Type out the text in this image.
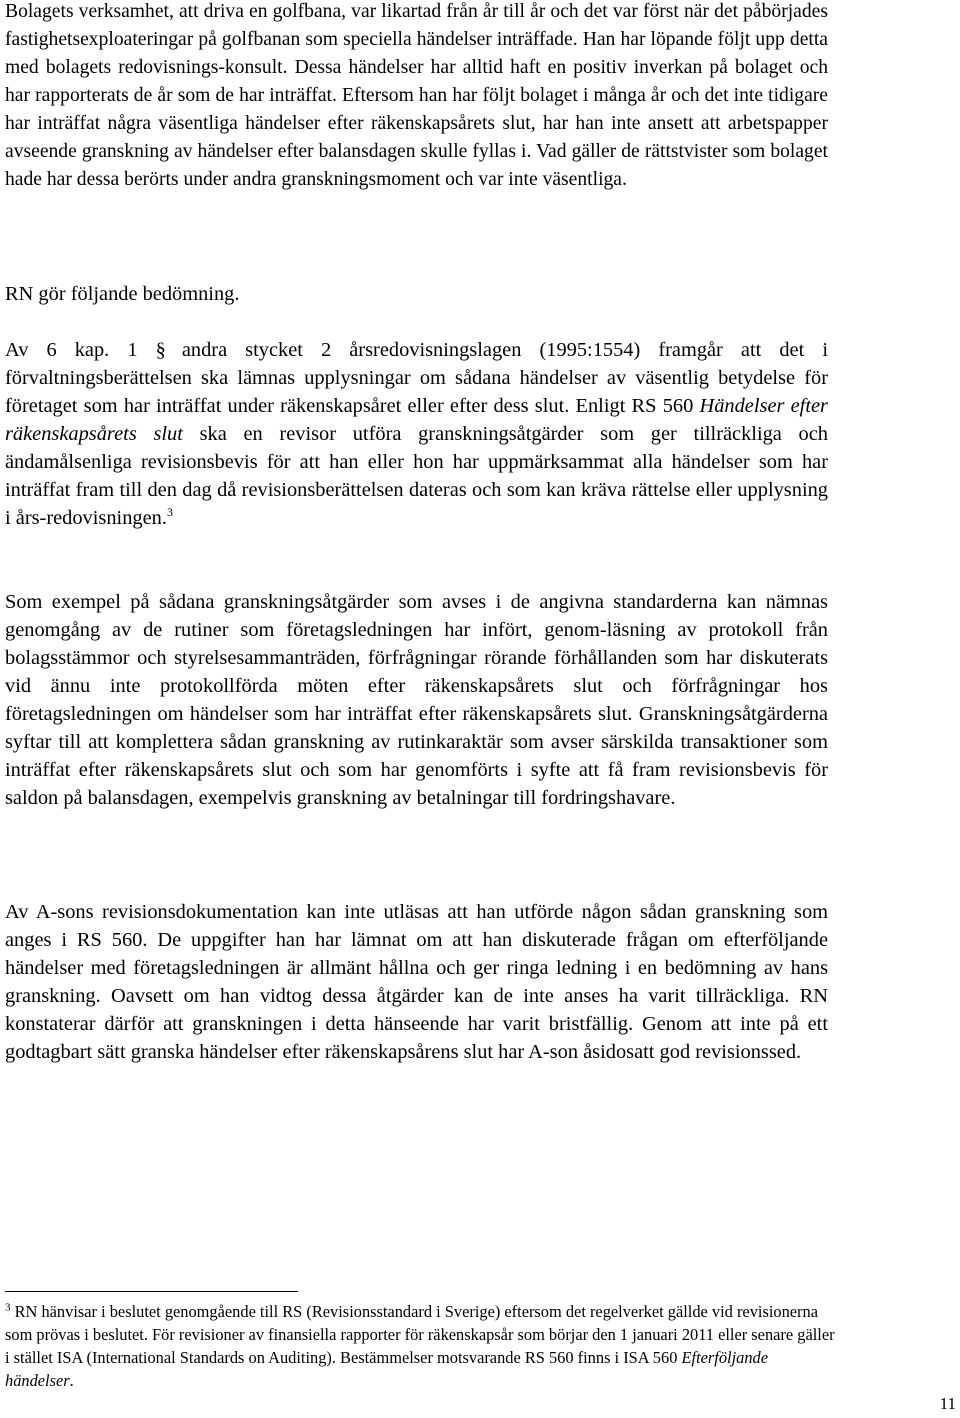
Bolagets verksamhet, att driva en golfbana, var likartad från år till år och det var först när det påbörjades fastighetsexploateringar på golfbanan som speciella händelser inträffade. Han har löpande följt upp detta med bolagets redovisnings-konsult. Dessa händelser har alltid haft en positiv inverkan på bolaget och har rapporterats de år som de har inträffat. Eftersom han har följt bolaget i många år och det inte tidigare har inträffat några väsentliga händelser efter räkenskapsårets slut, har han inte ansett att arbetspapper avseende granskning av händelser efter balansdagen skulle fyllas i. Vad gäller de rättstvister som bolaget hade har dessa berörts under andra granskningsmoment och var inte väsentliga.

RN gör följande bedömning.

Av 6 kap. 1 § andra stycket 2 årsredovisningslagen (1995:1554) framgår att det i förvaltningsberättelsen ska lämnas upplysningar om sådana händelser av väsentlig betydelse för företaget som har inträffat under räkenskapsåret eller efter dess slut. Enligt RS 560 Händelser efter räkenskapsårets slut ska en revisor utföra granskningsåtgärder som ger tillräckliga och ändamålsenliga revisionsbevis för att han eller hon har uppmärksammat alla händelser som har inträffat fram till den dag då revisionsberättelsen dateras och som kan kräva rättelse eller upplysning i års-redovisningen.$^3$

Som exempel på sådana granskningsåtgärder som avses i de angivna standarderna kan nämnas genomgång av de rutiner som företagsledningen har infört, genom-läsning av protokoll från bolagsstämmor och styrelsesammanträden, förfrågningar rörande förhållanden som har diskuterats vid ännu inte protokollförda möten efter räkenskapsårets slut och förfrågningar hos företagsledningen om händelser som har inträffat efter räkenskapsårets slut. Granskningsåtgärderna syftar till att komplettera sådan granskning av rutinkaraktär som avser särskilda transaktioner som inträffat efter räkenskapsårets slut och som har genomförts i syfte att få fram revisionsbevis för saldon på balansdagen, exempelvis granskning av betalningar till fordringshavare.

Av A-sons revisionsdokumentation kan inte utläsas att han utförde någon sådan granskning som anges i RS 560. De uppgifter han har lämnat om att han diskuterade frågan om efterföljande händelser med företagsledningen är allmänt hållna och ger ringa ledning i en bedömning av hans granskning. Oavsett om han vidtog dessa åtgärder kan de inte anses ha varit tillräckliga. RN konstaterar därför att granskningen i detta hänseende har varit bristfällig. Genom att inte på ett godtagbart sätt granska händelser efter räkenskapsårens slut har A-son åsidosatt god revisionssed.

$^3$ RN hänvisar i beslutet genomgående till RS (Revisionsstandard i Sverige) eftersom det regelverket gällde vid revisionerna som prövas i beslutet. För revisioner av finansiella rapporter för räkenskapsår som börjar den 1 januari 2011 eller senare gäller i stället ISA (International Standards on Auditing). Bestämmelser motsvarande RS 560 finns i ISA 560 Efterföljande händelser.

11
